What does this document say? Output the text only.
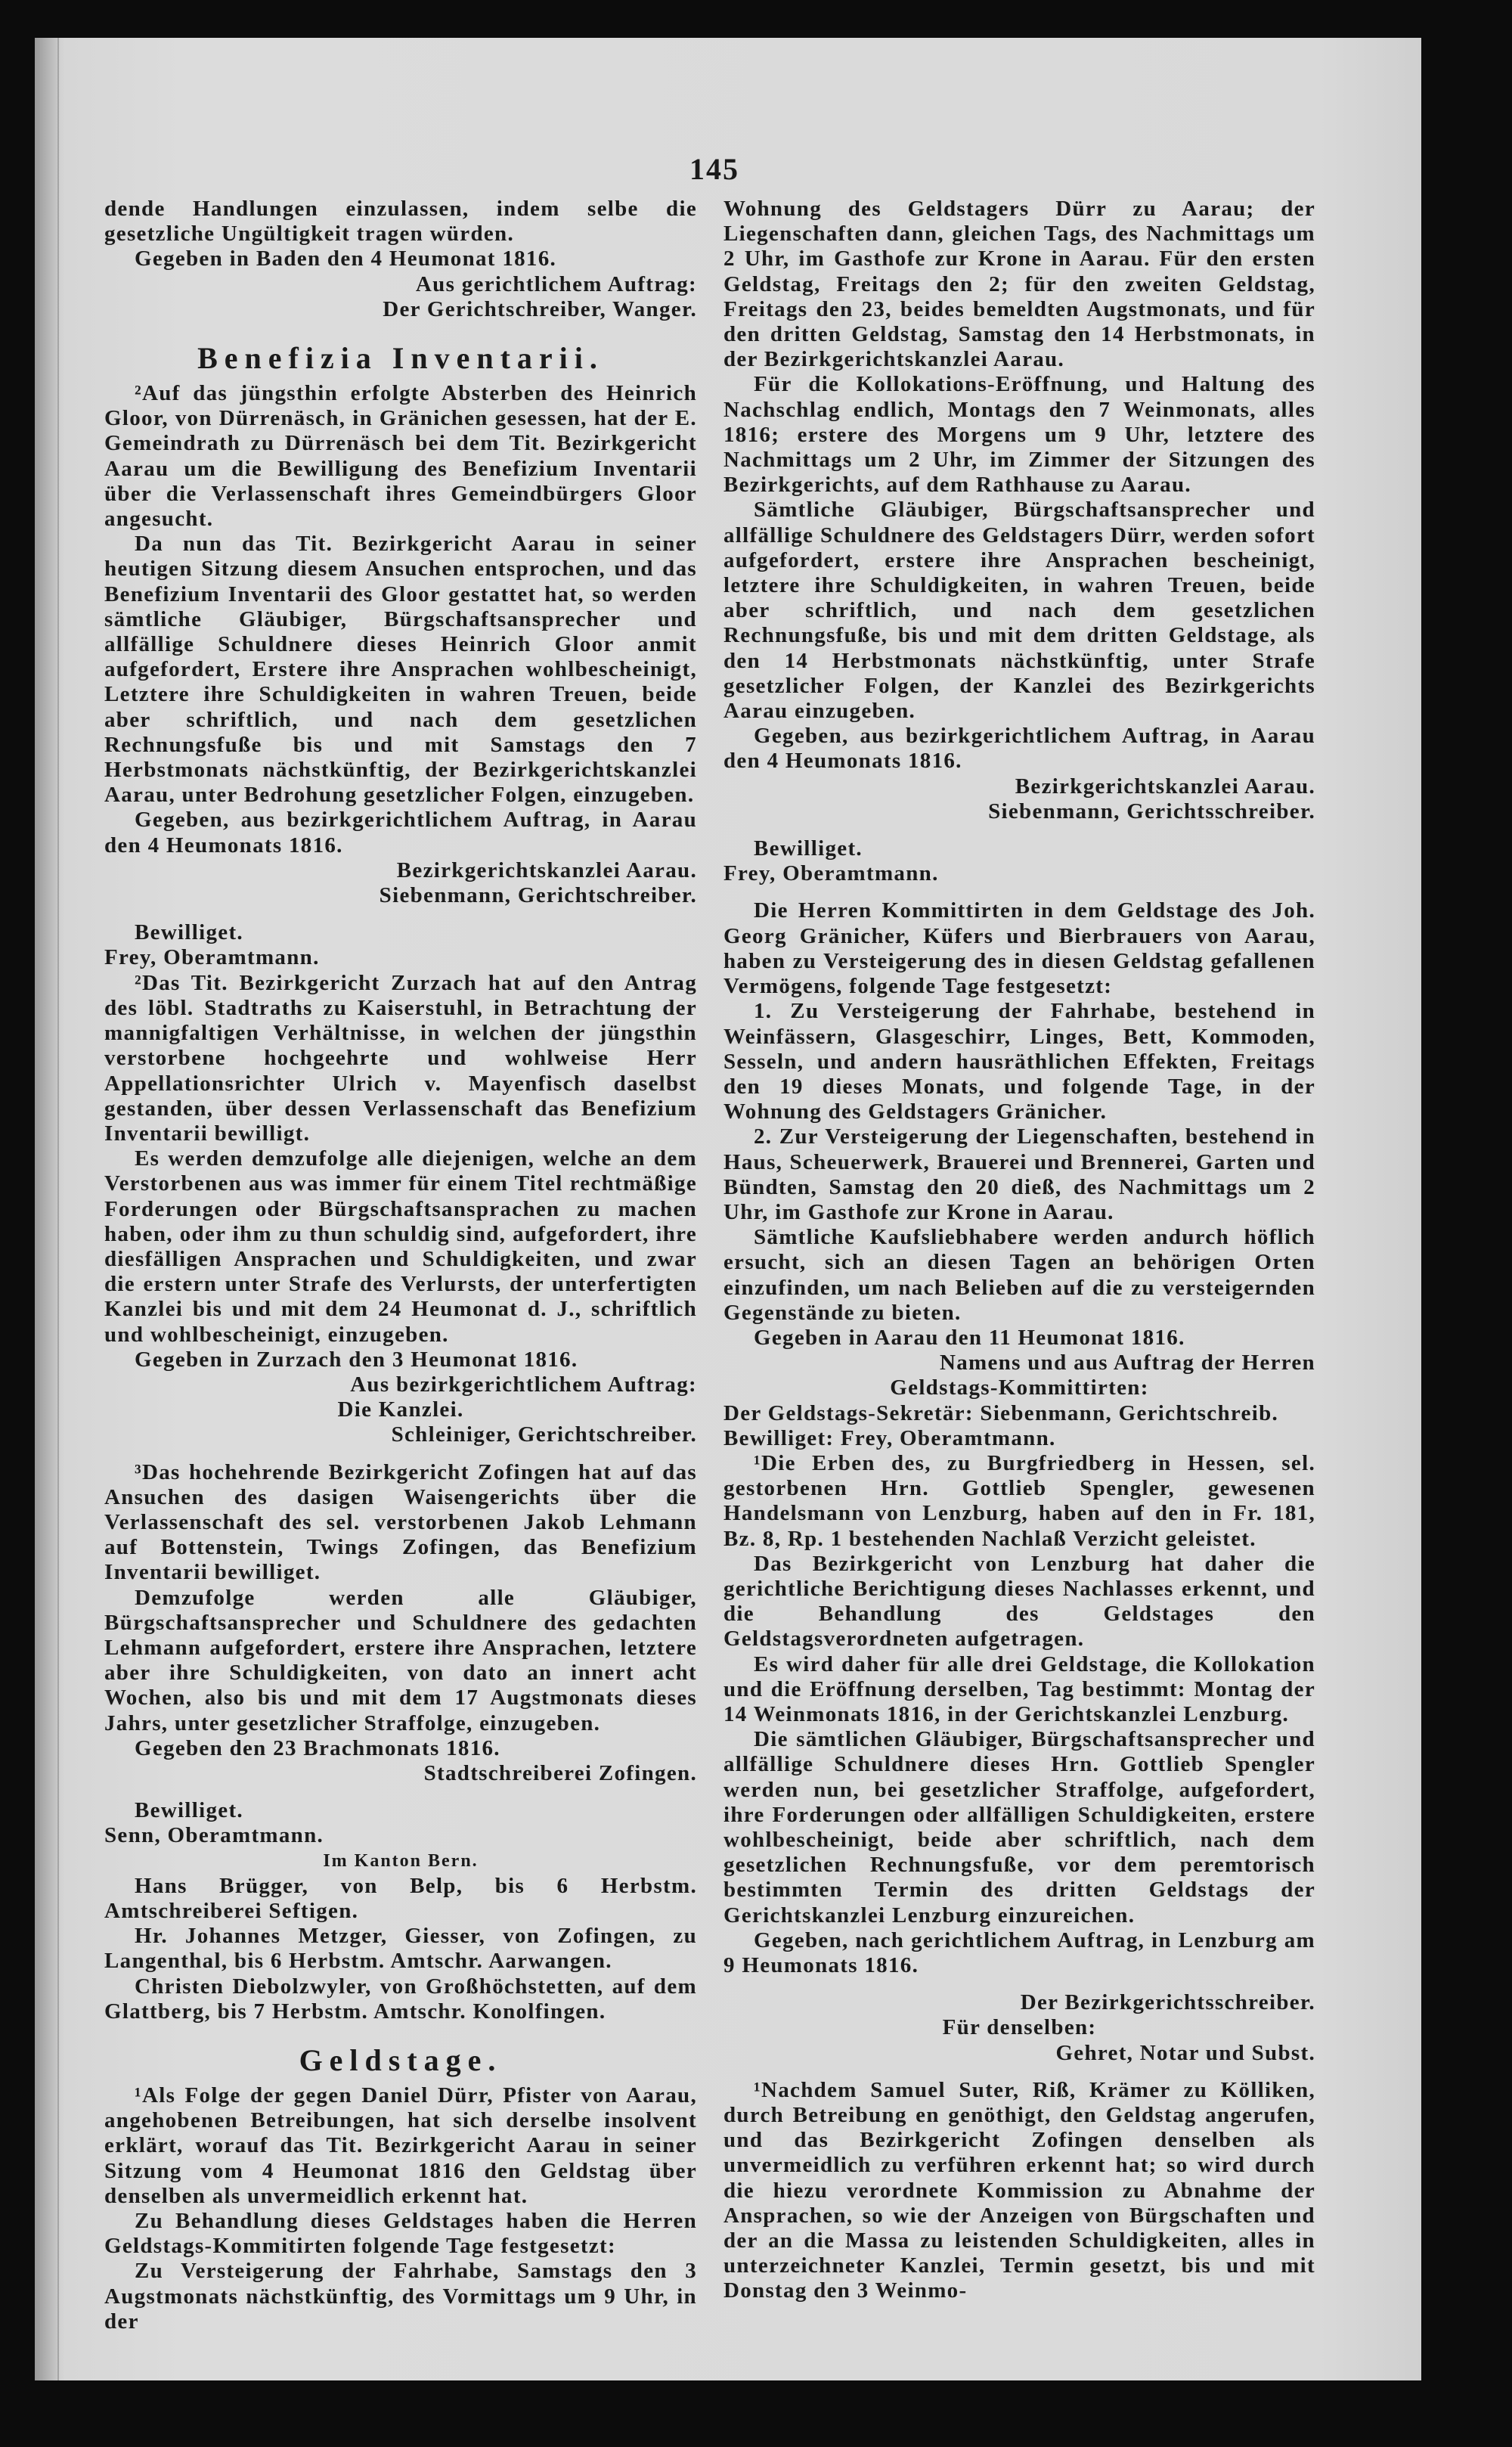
145

dende Handlungen einzulassen, indem selbe die gesetzliche Ungültigkeit tragen würden.

Gegeben in Baden den 4 Heumonat 1816.

Aus gerichtlichem Auftrag:

Der Gerichtschreiber, Wanger.

Benefizia Inventarii.

²Auf das jüngsthin erfolgte Absterben des Heinrich Gloor, von Dürrenäsch, in Gränichen gesessen, hat der E. Gemeindrath zu Dürrenäsch bei dem Tit. Bezirkgericht Aarau um die Bewilligung des Benefizium Inventarii über die Verlassenschaft ihres Gemeindbürgers Gloor angesucht.

Da nun das Tit. Bezirkgericht Aarau in seiner heutigen Sitzung diesem Ansuchen entsprochen, und das Benefizium Inventarii des Gloor gestattet hat, so werden sämtliche Gläubiger, Bürgschaftsansprecher und allfällige Schuldnere dieses Heinrich Gloor anmit aufgefordert, Erstere ihre Ansprachen wohlbescheinigt, Letztere ihre Schuldigkeiten in wahren Treuen, beide aber schriftlich, und nach dem gesetzlichen Rechnungsfuße bis und mit Samstags den 7 Herbstmonats nächstkünftig, der Bezirkgerichtskanzlei Aarau, unter Bedrohung gesetzlicher Folgen, einzugeben.

Gegeben, aus bezirkgerichtlichem Auftrag, in Aarau den 4 Heumonats 1816.

Bezirkgerichtskanzlei Aarau.

Siebenmann, Gerichtschreiber.

Bewilliget.

Frey, Oberamtmann.

²Das Tit. Bezirkgericht Zurzach hat auf den Antrag des löbl. Stadtraths zu Kaiserstuhl, in Betrachtung der mannigfaltigen Verhältnisse, in welchen der jüngsthin verstorbene hochgeehrte und wohlweise Herr Appellationsrichter Ulrich v. Mayenfisch daselbst gestanden, über dessen Verlassenschaft das Benefizium Inventarii bewilligt.

Es werden demzufolge alle diejenigen, welche an dem Verstorbenen aus was immer für einem Titel rechtmäßige Forderungen oder Bürgschaftsansprachen zu machen haben, oder ihm zu thun schuldig sind, aufgefordert, ihre diesfälligen Ansprachen und Schuldigkeiten, und zwar die erstern unter Strafe des Verlursts, der unterfertigten Kanzlei bis und mit dem 24 Heumonat d. J., schriftlich und wohlbescheinigt, einzugeben.

Gegeben in Zurzach den 3 Heumonat 1816.

Aus bezirkgerichtlichem Auftrag:

Die Kanzlei.

Schleiniger, Gerichtschreiber.

³Das hochehrende Bezirkgericht Zofingen hat auf das Ansuchen des dasigen Waisengerichts über die Verlassenschaft des sel. verstorbenen Jakob Lehmann auf Bottenstein, Twings Zofingen, das Benefizium Inventarii bewilliget.

Demzufolge werden alle Gläubiger, Bürgschaftsansprecher und Schuldnere des gedachten Lehmann aufgefordert, erstere ihre Ansprachen, letztere aber ihre Schuldigkeiten, von dato an innert acht Wochen, also bis und mit dem 17 Augstmonats dieses Jahrs, unter gesetzlicher Straffolge, einzugeben.

Gegeben den 23 Brachmonats 1816.

Stadtschreiberei Zofingen.

Bewilliget.

Senn, Oberamtmann.

Im Kanton Bern.

Hans Brügger, von Belp, bis 6 Herbstm. Amtschreiberei Seftigen.

Hr. Johannes Metzger, Giesser, von Zofingen, zu Langenthal, bis 6 Herbstm. Amtschr. Aarwangen.

Christen Diebolzwyler, von Großhöchstetten, auf dem Glattberg, bis 7 Herbstm. Amtschr. Konolfingen.

Geldstage.

¹Als Folge der gegen Daniel Dürr, Pfister von Aarau, angehobenen Betreibungen, hat sich derselbe insolvent erklärt, worauf das Tit. Bezirkgericht Aarau in seiner Sitzung vom 4 Heumonat 1816 den Geldstag über denselben als unvermeidlich erkennt hat.

Zu Behandlung dieses Geldstages haben die Herren Geldstags-Kommitirten folgende Tage festgesetzt:

Zu Versteigerung der Fahrhabe, Samstags den 3 Augstmonats nächstkünftig, des Vormittags um 9 Uhr, in der

Wohnung des Geldstagers Dürr zu Aarau; der Liegenschaften dann, gleichen Tags, des Nachmittags um 2 Uhr, im Gasthofe zur Krone in Aarau. Für den ersten Geldstag, Freitags den 2; für den zweiten Geldstag, Freitags den 23, beides bemeldten Augstmonats, und für den dritten Geldstag, Samstag den 14 Herbstmonats, in der Bezirkgerichtskanzlei Aarau.

Für die Kollokations-Eröffnung, und Haltung des Nachschlag endlich, Montags den 7 Weinmonats, alles 1816; erstere des Morgens um 9 Uhr, letztere des Nachmittags um 2 Uhr, im Zimmer der Sitzungen des Bezirkgerichts, auf dem Rathhause zu Aarau.

Sämtliche Gläubiger, Bürgschaftsansprecher und allfällige Schuldnere des Geldstagers Dürr, werden sofort aufgefordert, erstere ihre Ansprachen bescheinigt, letztere ihre Schuldigkeiten, in wahren Treuen, beide aber schriftlich, und nach dem gesetzlichen Rechnungsfuße, bis und mit dem dritten Geldstage, als den 14 Herbstmonats nächstkünftig, unter Strafe gesetzlicher Folgen, der Kanzlei des Bezirkgerichts Aarau einzugeben.

Gegeben, aus bezirkgerichtlichem Auftrag, in Aarau den 4 Heumonats 1816.

Bezirkgerichtskanzlei Aarau.

Siebenmann, Gerichtsschreiber.

Bewilliget.

Frey, Oberamtmann.

Die Herren Kommittirten in dem Geldstage des Joh. Georg Gränicher, Küfers und Bierbrauers von Aarau, haben zu Versteigerung des in diesen Geldstag gefallenen Vermögens, folgende Tage festgesetzt:

1. Zu Versteigerung der Fahrhabe, bestehend in Weinfässern, Glasgeschirr, Linges, Bett, Kommoden, Sesseln, und andern hausräthlichen Effekten, Freitags den 19 dieses Monats, und folgende Tage, in der Wohnung des Geldstagers Gränicher.

2. Zur Versteigerung der Liegenschaften, bestehend in Haus, Scheuerwerk, Brauerei und Brennerei, Garten und Bündten, Samstag den 20 dieß, des Nachmittags um 2 Uhr, im Gasthofe zur Krone in Aarau.

Sämtliche Kaufsliebhabere werden andurch höflich ersucht, sich an diesen Tagen an behörigen Orten einzufinden, um nach Belieben auf die zu versteigernden Gegenstände zu bieten.

Gegeben in Aarau den 11 Heumonat 1816.

Namens und aus Auftrag der Herren

Geldstags-Kommittirten:

Der Geldstags-Sekretär: Siebenmann, Gerichtschreib.

Bewilliget: Frey, Oberamtmann.

¹Die Erben des, zu Burgfriedberg in Hessen, sel. gestorbenen Hrn. Gottlieb Spengler, gewesenen Handelsmann von Lenzburg, haben auf den in Fr. 181, Bz. 8, Rp. 1 bestehenden Nachlaß Verzicht geleistet.

Das Bezirkgericht von Lenzburg hat daher die gerichtliche Berichtigung dieses Nachlasses erkennt, und die Behandlung des Geldstages den Geldstagsverordneten aufgetragen.

Es wird daher für alle drei Geldstage, die Kollokation und die Eröffnung derselben, Tag bestimmt: Montag der 14 Weinmonats 1816, in der Gerichtskanzlei Lenzburg.

Die sämtlichen Gläubiger, Bürgschaftsansprecher und allfällige Schuldnere dieses Hrn. Gottlieb Spengler werden nun, bei gesetzlicher Straffolge, aufgefordert, ihre Forderungen oder allfälligen Schuldigkeiten, erstere wohlbescheinigt, beide aber schriftlich, nach dem gesetzlichen Rechnungsfuße, vor dem peremtorisch bestimmten Termin des dritten Geldstags der Gerichtskanzlei Lenzburg einzureichen.

Gegeben, nach gerichtlichem Auftrag, in Lenzburg am 9 Heumonats 1816.

Der Bezirkgerichtsschreiber.

Für denselben:

Gehret, Notar und Subst.

¹Nachdem Samuel Suter, Riß, Krämer zu Kölliken, durch Betreibung en genöthigt, den Geldstag angerufen, und das Bezirkgericht Zofingen denselben als unvermeidlich zu verführen erkennt hat; so wird durch die hiezu verordnete Kommission zu Abnahme der Ansprachen, so wie der Anzeigen von Bürgschaften und der an die Massa zu leistenden Schuldigkeiten, alles in unterzeichneter Kanzlei, Termin gesetzt, bis und mit Donstag den 3 Weinmo-
